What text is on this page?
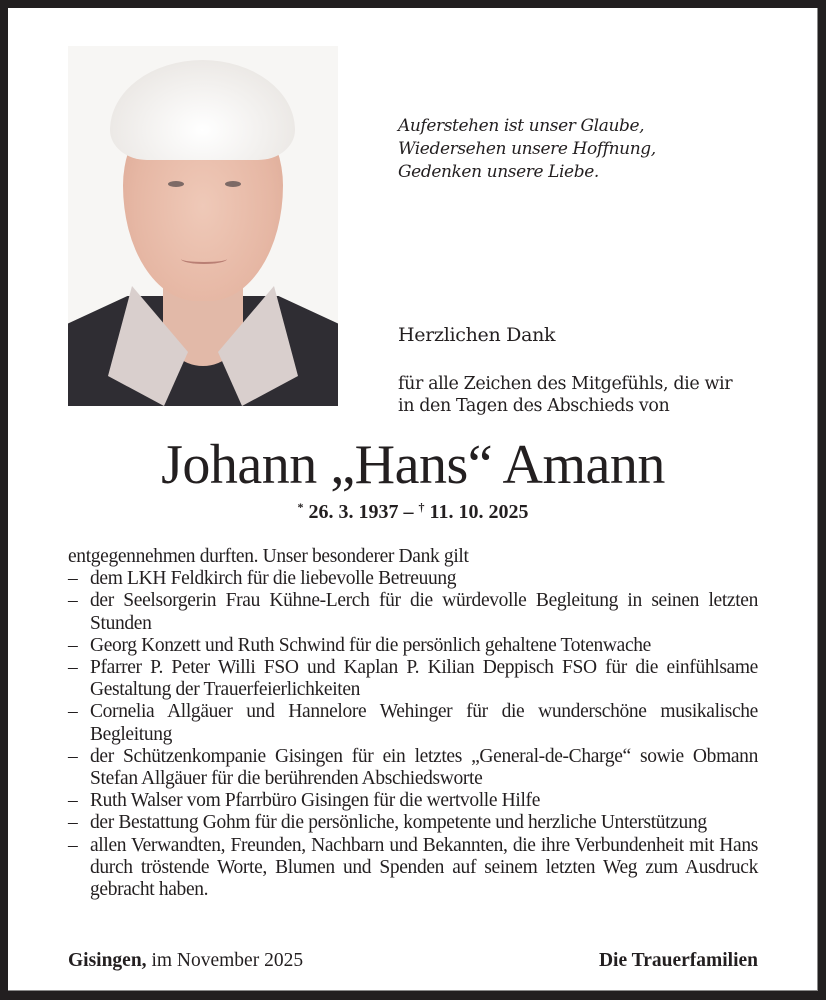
Auferstehen ist unser Glaube,
Wiedersehen unsere Hoffnung,
Gedenken unsere Liebe.
Herzlichen Dank
für alle Zeichen des Mitgefühls, die wir
in den Tagen des Abschieds von
Johann „Hans“ Amann
* 26. 3. 1937 – † 11. 10. 2025
entgegennehmen durften. Unser besonderer Dank gilt
– dem LKH Feldkirch für die liebevolle Betreuung
– der Seelsorgerin Frau Kühne-Lerch für die würdevolle Begleitung in seinen letzten Stunden
– Georg Konzett und Ruth Schwind für die persönlich gehaltene Totenwache
– Pfarrer P. Peter Willi FSO und Kaplan P. Kilian Deppisch FSO für die einfühlsame Gestaltung der Trauerfeierlichkeiten
– Cornelia Allgäuer und Hannelore Wehinger für die wunderschöne musikalische Begleitung
– der Schützenkompanie Gisingen für ein letztes „General-de-Charge“ sowie Obmann Stefan Allgäuer für die berührenden Abschiedsworte
– Ruth Walser vom Pfarrbüro Gisingen für die wertvolle Hilfe
– der Bestattung Gohm für die persönliche, kompetente und herzliche Unterstützung
– allen Verwandten, Freunden, Nachbarn und Bekannten, die ihre Verbundenheit mit Hans durch tröstende Worte, Blumen und Spenden auf seinem letzten Weg zum Ausdruck gebracht haben.
Gisingen, im November 2025	Die Trauerfamilien
